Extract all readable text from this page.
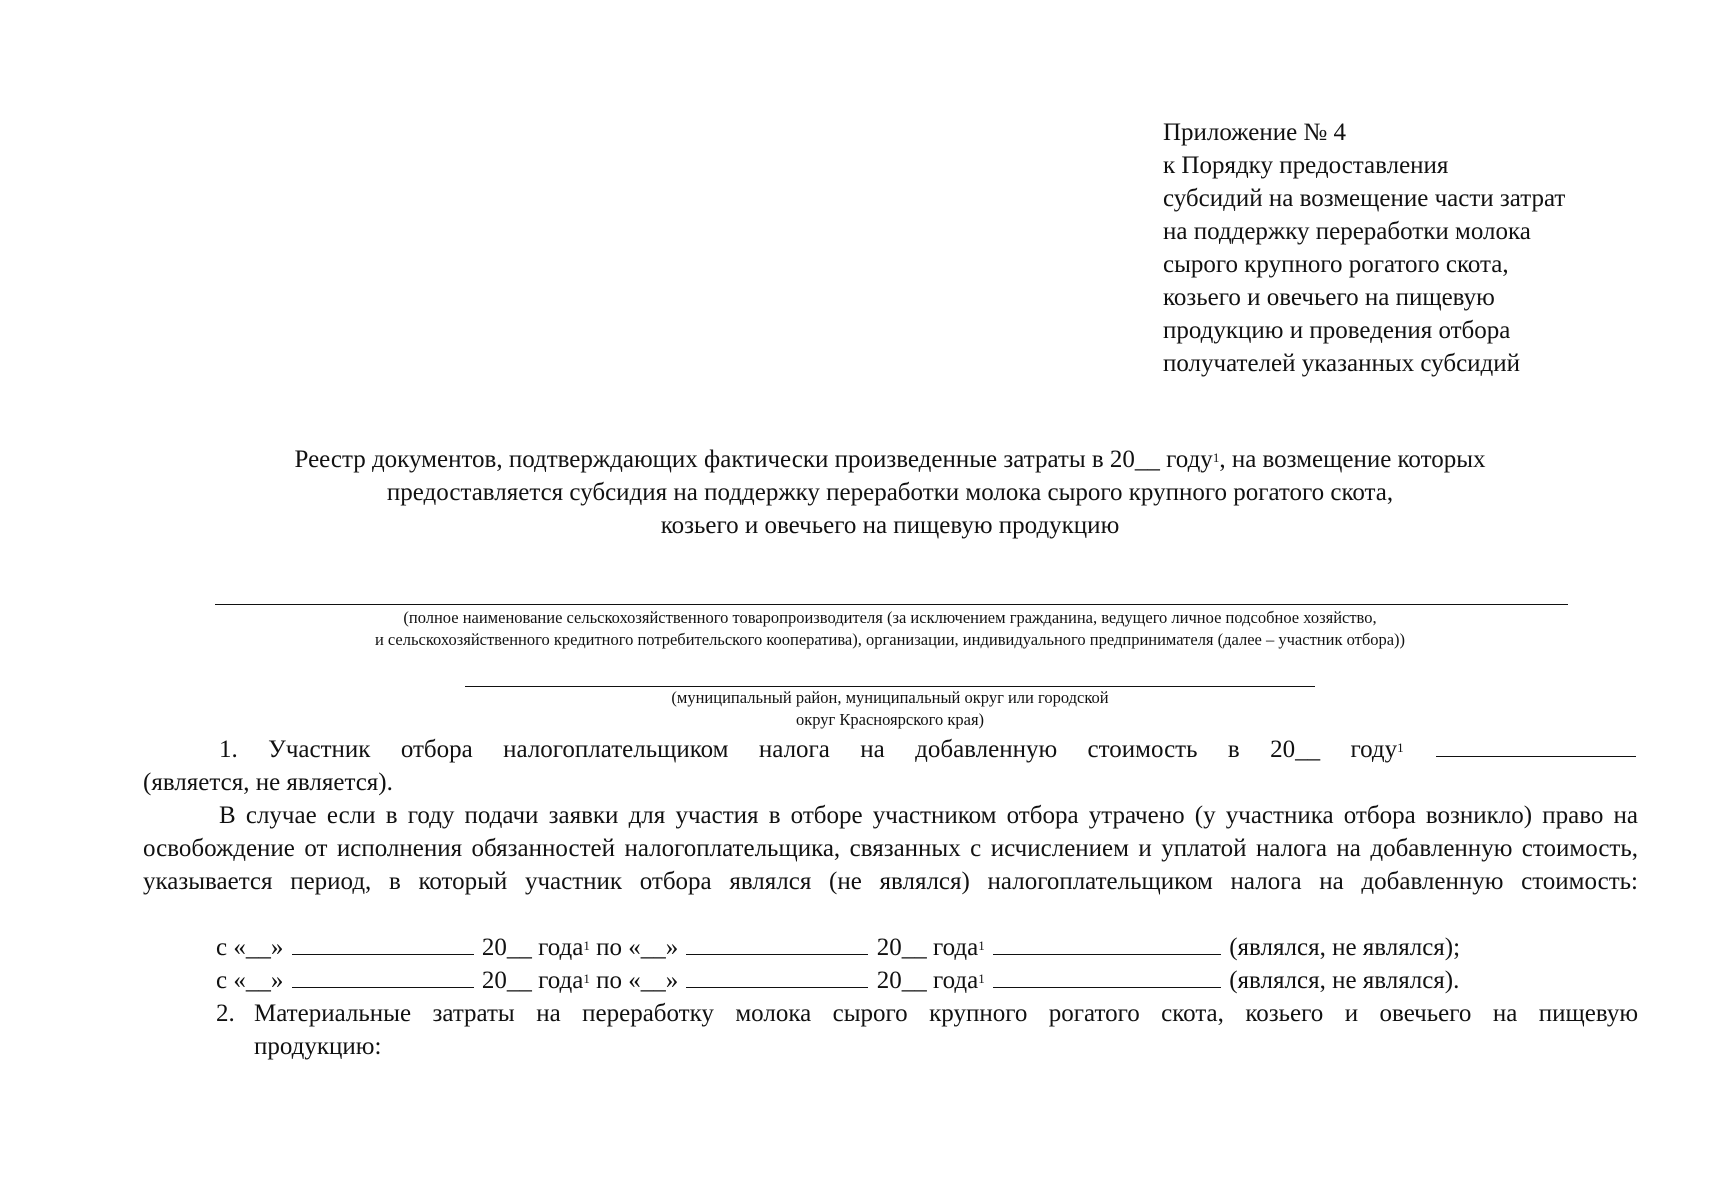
Приложение № 4
к Порядку предоставления
субсидий на возмещение части затрат
на поддержку переработки молока
сырого крупного рогатого скота,
козьего и овечьего на пищевую
продукцию и проведения отбора
получателей указанных субсидий
Реестр документов, подтверждающих фактически произведенные затраты в 20__ году$^1$, на возмещение которых
предоставляется субсидия на поддержку переработки молока сырого крупного рогатого скота,
козьего и овечьего на пищевую продукцию
(полное наименование сельскохозяйственного товаропроизводителя (за исключением гражданина, ведущего личное подсобное хозяйство,
и сельскохозяйственного кредитного потребительского кооператива), организации, индивидуального предпринимателя (далее – участник отбора))
(муниципальный район, муниципальный округ или городской
округ Красноярского края)
1. Участник отбора налогоплательщиком налога на добавленную стоимость в 20__ году$^1$
(является, не является).
В случае если в году подачи заявки для участия в отборе участником отбора утрачено (у участника отбора возникло) право на освобождение от исполнения обязанностей налогоплательщика, связанных с исчислением и уплатой налога на добавленную стоимость, указывается период, в который участник отбора являлся (не являлся) налогоплательщиком налога на добавленную стоимость:
с «__»	20__ года$^1$ по «__»	20__ года$^1$	(являлся, не являлся);
с «__»	20__ года$^1$ по «__»	20__ года$^1$	(являлся, не являлся).
2. Материальные затраты на переработку молока сырого крупного рогатого скота, козьего и овечьего на пищевую
продукцию:
